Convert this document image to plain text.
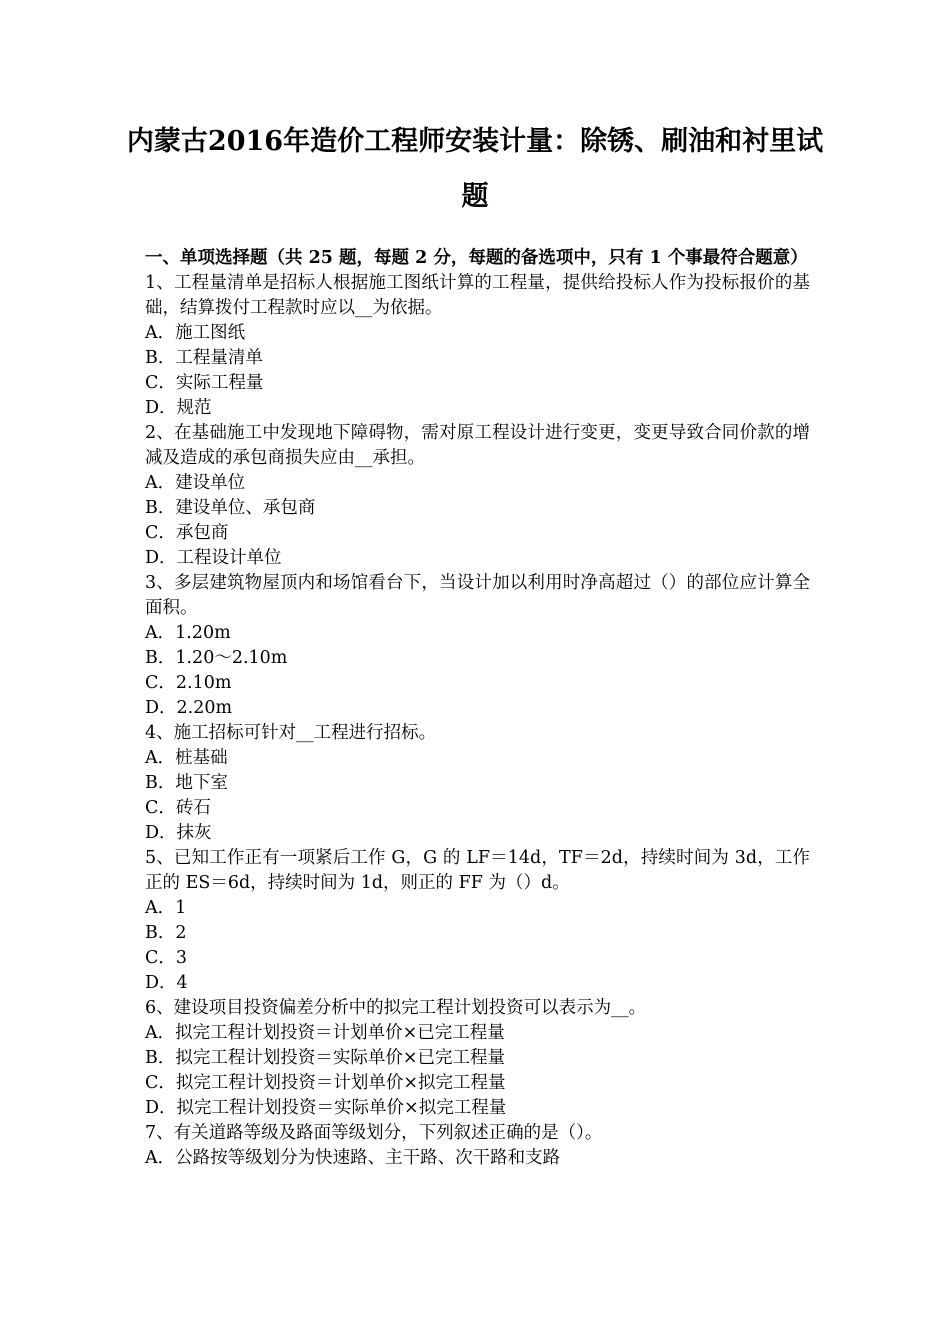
内蒙古2016年造价工程师安装计量：除锈、刷油和衬里试题
一、单项选择题（共 25 题，每题 2 分，每题的备选项中，只有 1 个事最符合题意）
1、工程量清单是招标人根据施工图纸计算的工程量，提供给投标人作为投标报价的基础，结算拨付工程款时应以__为依据。
A．施工图纸
B．工程量清单
C．实际工程量
D．规范
2、在基础施工中发现地下障碍物，需对原工程设计进行变更，变更导致合同价款的增减及造成的承包商损失应由__承担。
A．建设单位
B．建设单位、承包商
C．承包商
D．工程设计单位
3、多层建筑物屋顶内和场馆看台下，当设计加以利用时净高超过（）的部位应计算全面积。
A．1.20m
B．1.20～2.10m
C．2.10m
D．2.20m
4、施工招标可针对__工程进行招标。
A．桩基础
B．地下室
C．砖石
D．抹灰
5、已知工作正有一项紧后工作 G，G 的 LF＝14d，TF＝2d，持续时间为 3d，工作正的 ES＝6d，持续时间为 1d，则正的 FF 为（）d。
A．1
B．2
C．3
D．4
6、建设项目投资偏差分析中的拟完工程计划投资可以表示为__。
A．拟完工程计划投资＝计划单价×已完工程量
B．拟完工程计划投资＝实际单价×已完工程量
C．拟完工程计划投资＝计划单价×拟完工程量
D．拟完工程计划投资＝实际单价×拟完工程量
7、有关道路等级及路面等级划分，下列叙述正确的是（）。
A．公路按等级划分为快速路、主干路、次干路和支路
